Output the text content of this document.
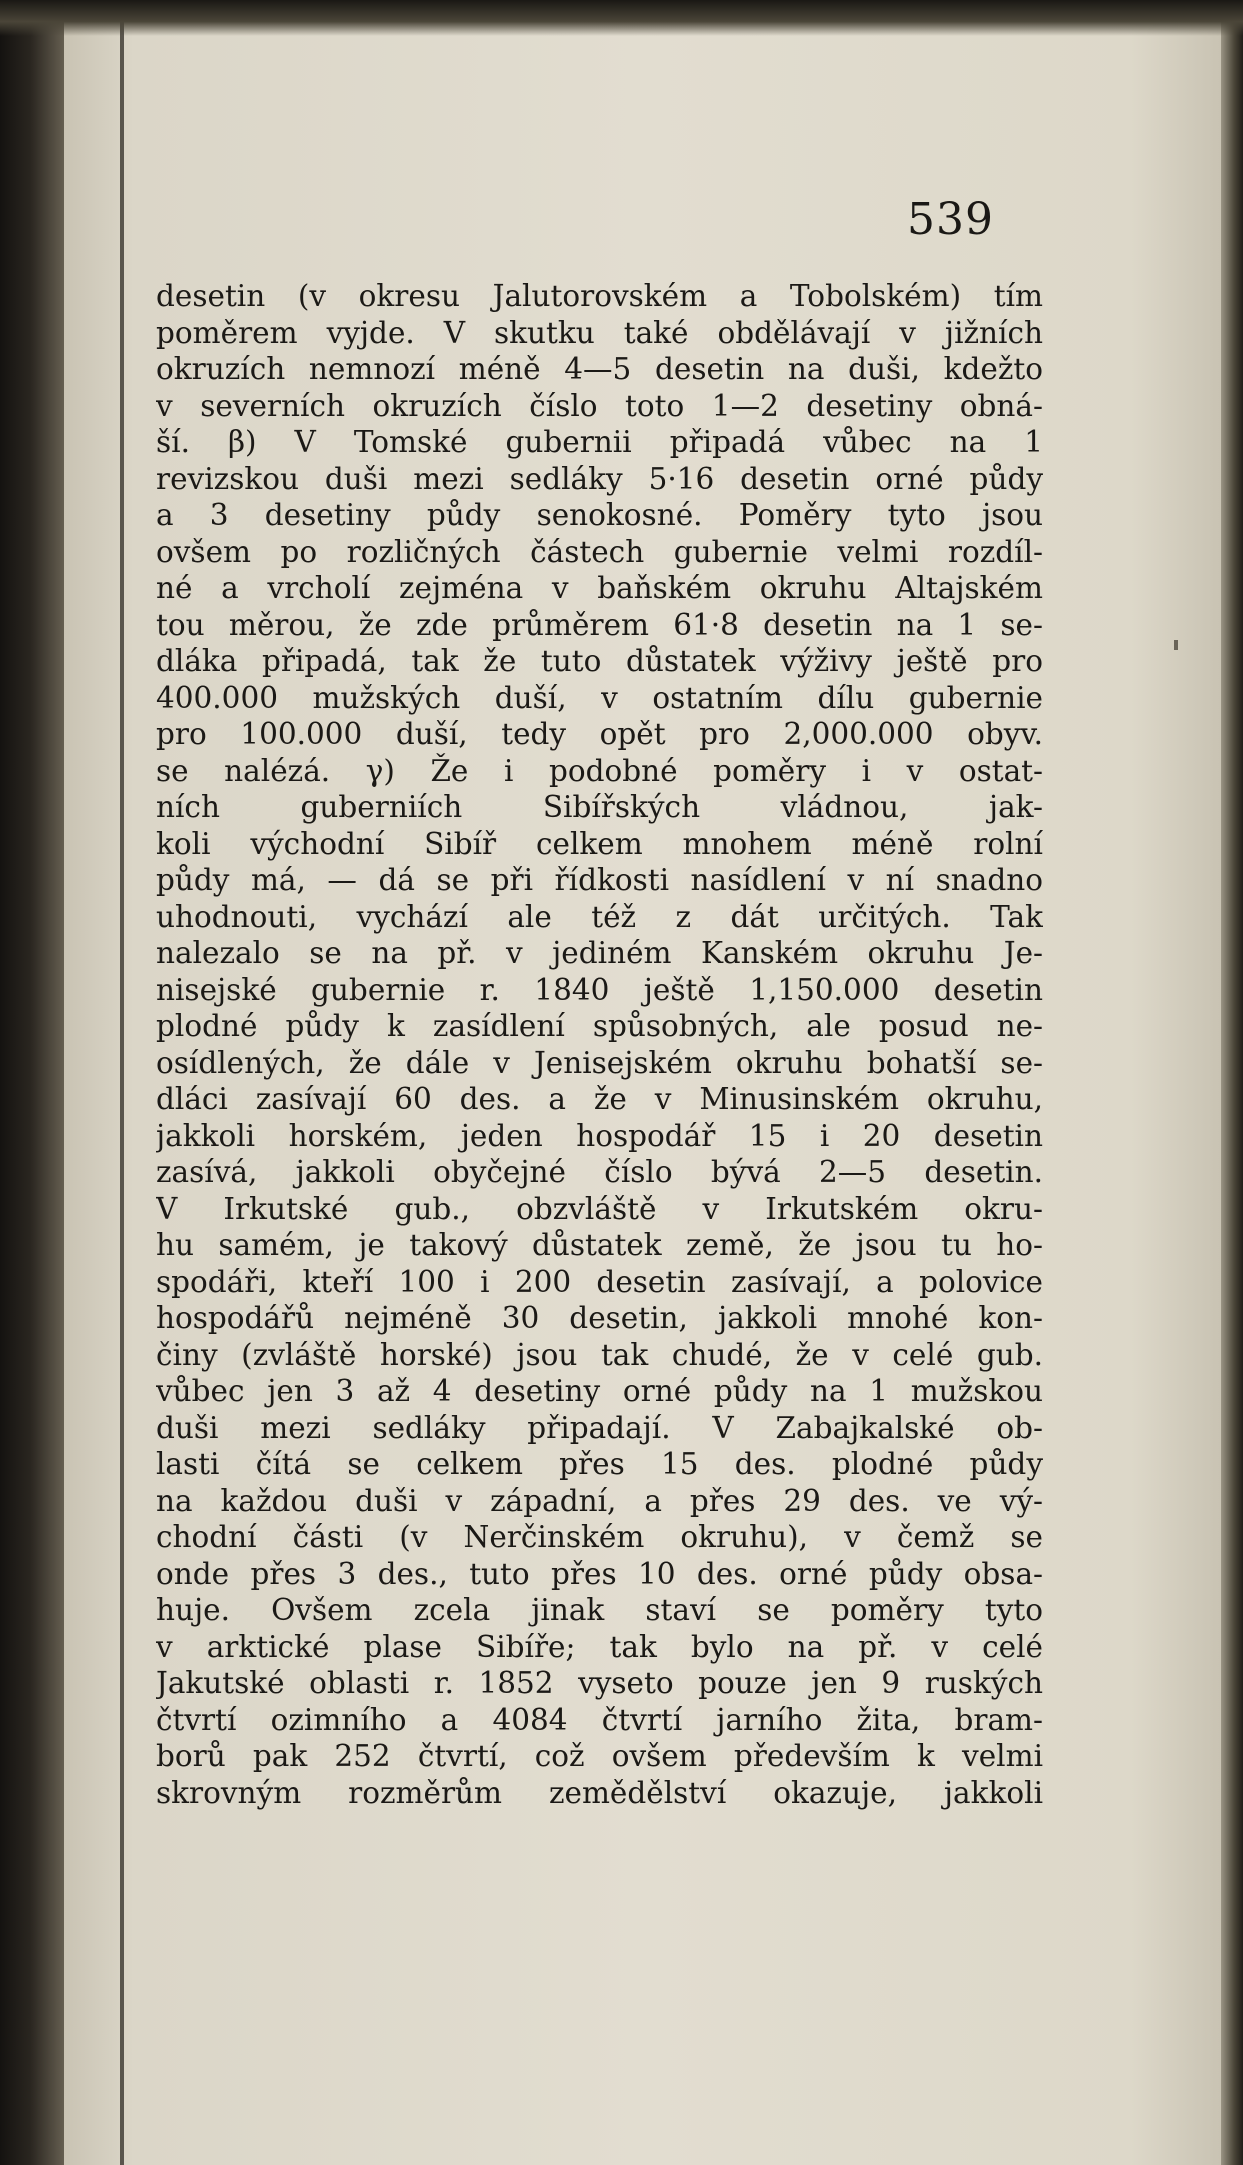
539
desetin (v okresu Jalutorovském a Tobolském) tím
poměrem vyjde. V skutku také obdělávají v jižních
okruzích nemnozí méně 4—5 desetin na duši, kdežto
v severních okruzích číslo toto 1—2 desetiny obná-
ší. β) V Tomské gubernii připadá vůbec na 1
revizskou duši mezi sedláky 5·16 desetin orné půdy
a 3 desetiny půdy senokosné. Poměry tyto jsou
ovšem po rozličných částech gubernie velmi rozdíl-
né a vrcholí zejména v baňském okruhu Altajském
tou měrou, že zde průměrem 61·8 desetin na 1 se-
dláka připadá, tak že tuto důstatek výživy ještě pro
400.000 mužských duší, v ostatním dílu gubernie
pro 100.000 duší, tedy opět pro 2,000.000 obyv.
se nalézá. γ) Že i podobné poměry i v ostat-
ních guberniích Sibířských vládnou, jak-
koli východní Sibíř celkem mnohem méně rolní
půdy má, — dá se při řídkosti nasídlení v ní snadno
uhodnouti, vychází ale též z dát určitých. Tak
nalezalo se na př. v jediném Kanském okruhu Je-
nisejské gubernie r. 1840 ještě 1,150.000 desetin
plodné půdy k zasídlení spůsobných, ale posud ne-
osídlených, že dále v Jenisejském okruhu bohatší se-
dláci zasívají 60 des. a že v Minusinském okruhu,
jakkoli horském, jeden hospodář 15 i 20 desetin
zasívá, jakkoli obyčejné číslo bývá 2—5 desetin.
V Irkutské gub., obzvláště v Irkutském okru-
hu samém, je takový důstatek země, že jsou tu ho-
spodáři, kteří 100 i 200 desetin zasívají, a polovice
hospodářů nejméně 30 desetin, jakkoli mnohé kon-
činy (zvláště horské) jsou tak chudé, že v celé gub.
vůbec jen 3 až 4 desetiny orné půdy na 1 mužskou
duši mezi sedláky připadají. V Zabajkalské ob-
lasti čítá se celkem přes 15 des. plodné půdy
na každou duši v západní, a přes 29 des. ve vý-
chodní části (v Nerčinském okruhu), v čemž se
onde přes 3 des., tuto přes 10 des. orné půdy obsa-
huje. Ovšem zcela jinak staví se poměry tyto
v arktické plase Sibíře; tak bylo na př. v celé
Jakutské oblasti r. 1852 vyseto pouze jen 9 ruských
čtvrtí ozimního a 4084 čtvrtí jarního žita, bram-
borů pak 252 čtvrtí, což ovšem především k velmi
skrovným rozměrům zemědělství okazuje, jakkoli
